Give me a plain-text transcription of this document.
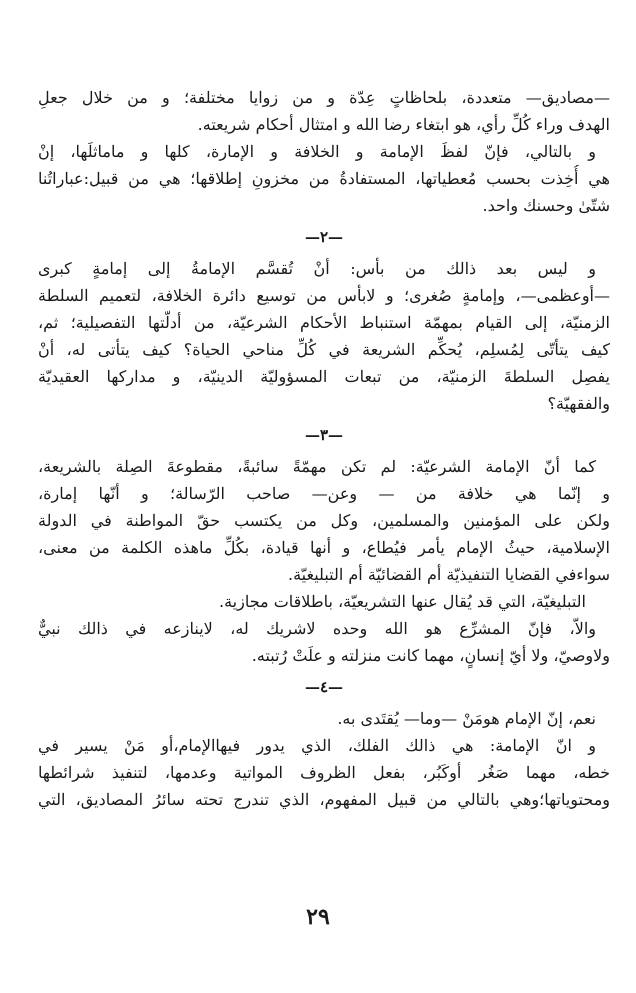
—مصاديق— متعددة، بلحاظاتٍ عِدّة و من زوايا مختلفة؛ و من خلال جعلِ
الهدف وراء كُلِّ رأي، هو ابتغاء رضا الله و امتثال أحكام شريعته.
و بالتالي، فإنّ لفظَ الإمامة و الخلافة و الإمارة، كلها و ماماثلَها، إنْ
هي أُخِذت بحسب مُعطياتها، المستفادةُ من مخزونِ إطلاقها؛ هي من قبيل:عباراتُنا
شتّىٰ وحسنك واحد.
—٢—
و ليس بعد ذالك من بأس: أنْ تُقسَّم الإمامةُ إلى إمامةٍ كبرى
—أوعظمى—، وإمامةٍ صُغرى؛ و لابأس من توسيع دائرة الخلافة، لتعميم السلطة
الزمنيّة، إلى القيام بمهمّة استنباط الأحكام الشرعيّة، من أدلّتها التفصيلية؛ ثم،
كيف يتأتّى لِمُسلِم، يُحكِّم الشريعة في كُلِّ مناحي الحياة؟ كيف يتأتى له، أنْ
يفصِل السلطةَ الزمنيّة، من تبعات المسؤوليّة الدينيّة، و مداركها العقيديّة
والفقهيّة؟
—٣—
كما أنّ الإمامة الشرعيّة: لم تكن مهمّةً سائبةً، مقطوعةَ الصِلة بالشريعة،
و إنّما هي خلافة من — وعن— صاحب الرّسالة؛ و أنّها إمارة،
ولكن على المؤمنين والمسلمين، وكل من يكتسب حقّ المواطنة في الدولة
الإسلامية، حيثُ الإمام يأمر فيُطاع، و أنها قيادة، بكُلِّ ماهذه الكلمة من معنى،
سواءفي القضايا التنفيذيّة أم القضائيّة أم التبليغيّة.
التبليغيّة، التي قد يُقال عنها التشريعيّة، باطلاقات مجازية.
والاّ، فإنّ المشرِّع هو الله وحده لاشريك له، لاينازعه في ذالك نبيٌّ
ولاوصيّ، ولا أيّ إنسانٍ، مهما كانت منزلته و علَتْ رُتبته.
—٤—
نعم، إنّ الإمام هومَنْ —وما— يُقتَدى به.
و انّ الإمامة: هي ذالك الفلك، الذي يدور فيهاالإمام،أو مَنْ يسير في
خطه، مهما صَغُر أوكَبُر، بفعل الظروف المواتية وعدمها، لتنفيذ شرائطها
ومحتوياتها؛وهي بالتالي من قبيل المفهوم، الذي تندرج تحته سائرُ المصاديق، التي
٢٩
